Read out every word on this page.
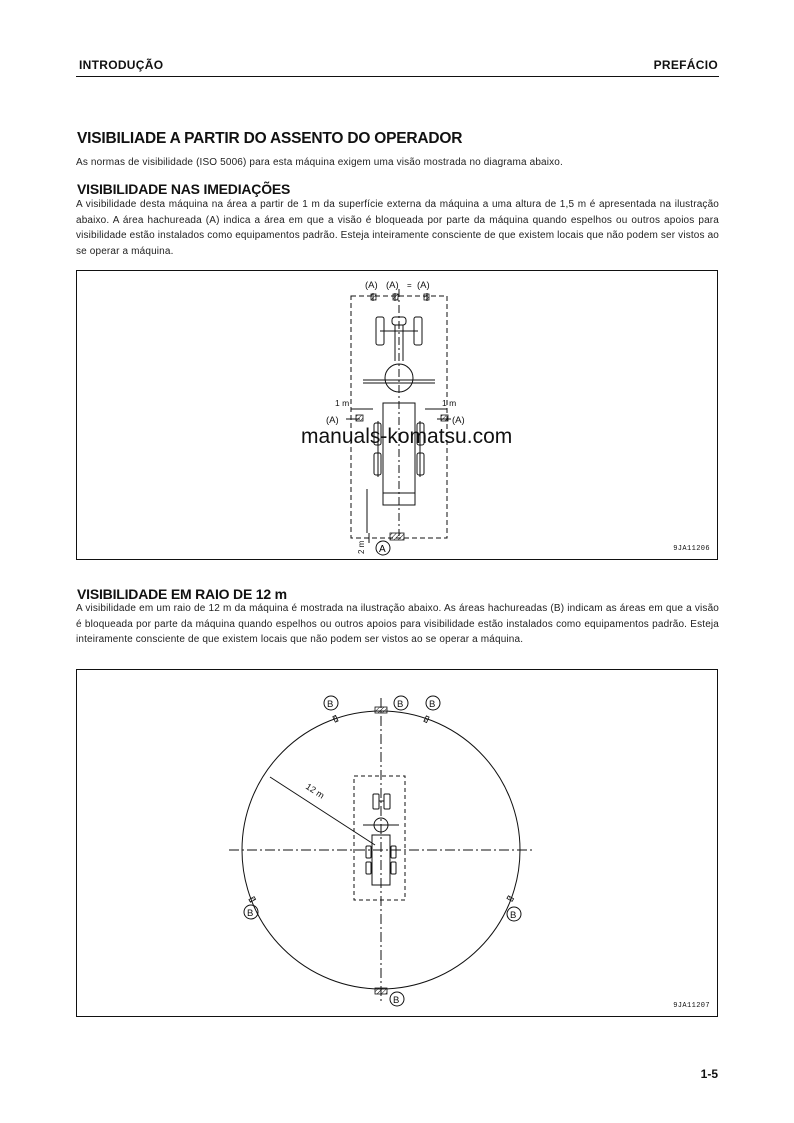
INTRODUÇÃO	PREFÁCIO
VISIBILIADE A PARTIR DO ASSENTO DO OPERADOR
As normas de visibilidade (ISO 5006) para esta máquina exigem uma visão mostrada no diagrama abaixo.
VISIBILIDADE NAS IMEDIAÇÕES
A visibilidade desta máquina na área a partir de 1 m da superfície externa da máquina a uma altura de 1,5 m é apresentada na ilustração abaixo. A área hachureada (A) indica a área em que a visão é bloqueada por parte da máquina quando espelhos ou outros apoios para visibilidade estão instalados como equipamentos padrão. Esteja inteiramente consciente de que existem locais que não podem ser vistos ao se operar a máquina.
(A) (A) = (A)
(A)	(A)
1 m	1 m
2 m A	9JA11206
manuals-komatsu.com
VISIBILIDADE EM RAIO DE 12 m
A visibilidade em um raio de 12 m da máquina é mostrada na ilustração abaixo. As áreas hachureadas (B) indicam as áreas em que a visão é bloqueada por parte da máquina quando espelhos ou outros apoios para visibilidade estão instalados como equipamentos padrão. Esteja inteiramente consciente de que existem locais que não podem ser vistos ao se operar a máquina.
B	B	B
B	B
B
12 m
9JA11207
1-5
